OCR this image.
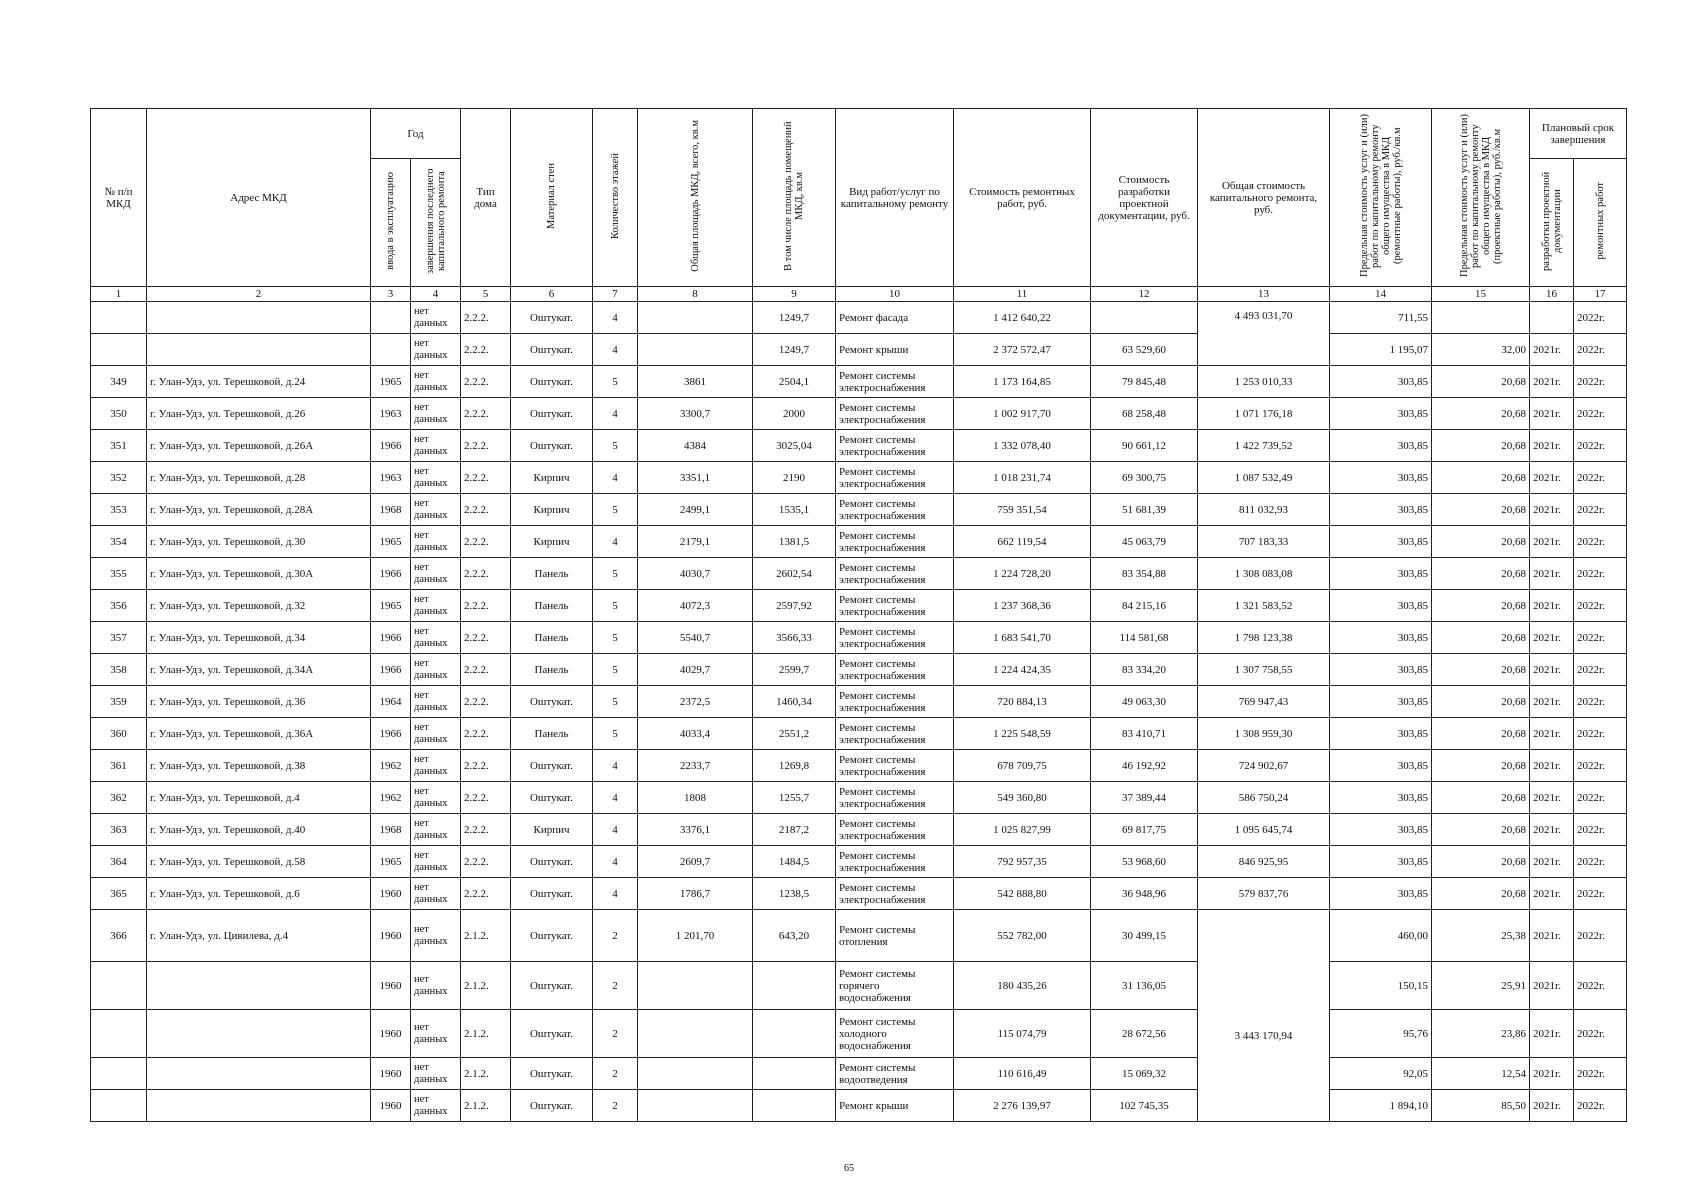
№ п/п МКД	Адрес МКД	Год		Тип дома	Материал стен	Количество этажей	Общая площадь МКД, всего, кв.м	В том числе площадь помещений МКД, кв.м	Вид работ/услуг по капитальному ремонту	Стоимость ремонтных работ, руб.	Стоимость разработки проектной документации, руб.	Общая стоимость капитального ремонта, руб.	Предельная стоимость услуг и (или) работ по капитальному ремонту общего имущества в МКД (ремонтные работы), руб./кв.м	Предельная стоимость услуг и (или) работ по капитальному ремонту общего имущества в МКД (проектные работы), руб./кв.м	Плановый срок завершения	
		ввода в эксплуатацию	завершения последнего капитального ремонта												разработки проектной документации	ремонтных работ
1	2	3	4	5	6	7	8	9	10	11	12	13	14	15	16	17
			нет данных	2.2.2.	Оштукат.	4		1249,7	Ремонт фасада	1 412 640,22		4 493 031,70	711,55			2022г.
			нет данных	2.2.2.	Оштукат.	4		1249,7	Ремонт крыши	2 372 572,47	63 529,60		1 195,07	32,00	2021г.	2022г.
349	г. Улан-Удэ, ул. Терешковой, д.24	1965	нет данных	2.2.2.	Оштукат.	5	3861	2504,1	Ремонт системы электроснабжения	1 173 164,85	79 845,48	1 253 010,33	303,85	20,68	2021г.	2022г.
350	г. Улан-Удэ, ул. Терешковой, д.26	1963	нет данных	2.2.2.	Оштукат.	4	3300,7	2000	Ремонт системы электроснабжения	1 002 917,70	68 258,48	1 071 176,18	303,85	20,68	2021г.	2022г.
351	г. Улан-Удэ, ул. Терешковой, д.26А	1966	нет данных	2.2.2.	Оштукат.	5	4384	3025,04	Ремонт системы электроснабжения	1 332 078,40	90 661,12	1 422 739,52	303,85	20,68	2021г.	2022г.
352	г. Улан-Удэ, ул. Терешковой, д.28	1963	нет данных	2.2.2.	Кирпич	4	3351,1	2190	Ремонт системы электроснабжения	1 018 231,74	69 300,75	1 087 532,49	303,85	20,68	2021г.	2022г.
353	г. Улан-Удэ, ул. Терешковой, д.28А	1968	нет данных	2.2.2.	Кирпич	5	2499,1	1535,1	Ремонт системы электроснабжения	759 351,54	51 681,39	811 032,93	303,85	20,68	2021г.	2022г.
354	г. Улан-Удэ, ул. Терешковой, д.30	1965	нет данных	2.2.2.	Кирпич	4	2179,1	1381,5	Ремонт системы электроснабжения	662 119,54	45 063,79	707 183,33	303,85	20,68	2021г.	2022г.
355	г. Улан-Удэ, ул. Терешковой, д.30А	1966	нет данных	2.2.2.	Панель	5	4030,7	2602,54	Ремонт системы электроснабжения	1 224 728,20	83 354,88	1 308 083,08	303,85	20,68	2021г.	2022г.
356	г. Улан-Удэ, ул. Терешковой, д.32	1965	нет данных	2.2.2.	Панель	5	4072,3	2597,92	Ремонт системы электроснабжения	1 237 368,36	84 215,16	1 321 583,52	303,85	20,68	2021г.	2022г.
357	г. Улан-Удэ, ул. Терешковой, д.34	1966	нет данных	2.2.2.	Панель	5	5540,7	3566,33	Ремонт системы электроснабжения	1 683 541,70	114 581,68	1 798 123,38	303,85	20,68	2021г.	2022г.
358	г. Улан-Удэ, ул. Терешковой, д.34А	1966	нет данных	2.2.2.	Панель	5	4029,7	2599,7	Ремонт системы электроснабжения	1 224 424,35	83 334,20	1 307 758,55	303,85	20,68	2021г.	2022г.
359	г. Улан-Удэ, ул. Терешковой, д.36	1964	нет данных	2.2.2.	Оштукат.	5	2372,5	1460,34	Ремонт системы электроснабжения	720 884,13	49 063,30	769 947,43	303,85	20,68	2021г.	2022г.
360	г. Улан-Удэ, ул. Терешковой, д.36А	1966	нет данных	2.2.2.	Панель	5	4033,4	2551,2	Ремонт системы электроснабжения	1 225 548,59	83 410,71	1 308 959,30	303,85	20,68	2021г.	2022г.
361	г. Улан-Удэ, ул. Терешковой, д.38	1962	нет данных	2.2.2.	Оштукат.	4	2233,7	1269,8	Ремонт системы электроснабжения	678 709,75	46 192,92	724 902,67	303,85	20,68	2021г.	2022г.
362	г. Улан-Удэ, ул. Терешковой, д.4	1962	нет данных	2.2.2.	Оштукат.	4	1808	1255,7	Ремонт системы электроснабжения	549 360,80	37 389,44	586 750,24	303,85	20,68	2021г.	2022г.
363	г. Улан-Удэ, ул. Терешковой, д.40	1968	нет данных	2.2.2.	Кирпич	4	3376,1	2187,2	Ремонт системы электроснабжения	1 025 827,99	69 817,75	1 095 645,74	303,85	20,68	2021г.	2022г.
364	г. Улан-Удэ, ул. Терешковой, д.58	1965	нет данных	2.2.2.	Оштукат.	4	2609,7	1484,5	Ремонт системы электроснабжения	792 957,35	53 968,60	846 925,95	303,85	20,68	2021г.	2022г.
365	г. Улан-Удэ, ул. Терешковой, д.6	1960	нет данных	2.2.2.	Оштукат.	4	1786,7	1238,5	Ремонт системы электроснабжения	542 888,80	36 948,96	579 837,76	303,85	20,68	2021г.	2022г.
366	г. Улан-Удэ, ул. Цивилева, д.4	1960	нет данных	2.1.2.	Оштукат.	2	1 201,70	643,20	Ремонт системы отопления	552 782,00	30 499,15	3 443 170,94	460,00	25,38	2021г.	2022г.
		1960	нет данных	2.1.2.	Оштукат.	2			Ремонт системы горячего водоснабжения	180 435,26	31 136,05		150,15	25,91	2021г.	2022г.
		1960	нет данных	2.1.2.	Оштукат.	2			Ремонт системы холодного водоснабжения	115 074,79	28 672,56		95,76	23,86	2021г.	2022г.
		1960	нет данных	2.1.2.	Оштукат.	2			Ремонт системы водоотведения	110 616,49	15 069,32		92,05	12,54	2021г.	2022г.
		1960	нет данных	2.1.2.	Оштукат.	2			Ремонт крыши	2 276 139,97	102 745,35		1 894,10	85,50	2021г.	2022г.
65
